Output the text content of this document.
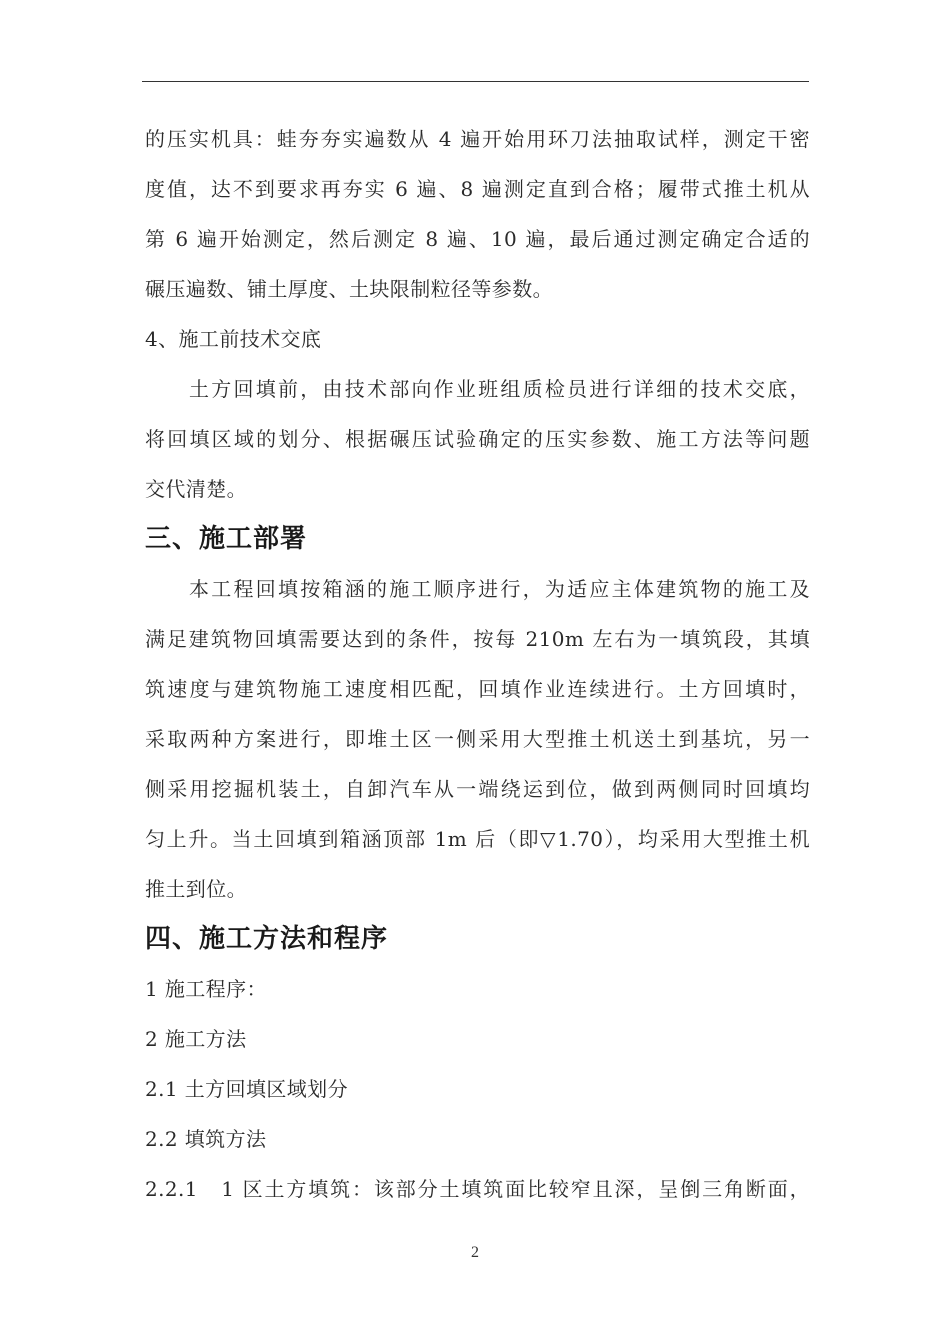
的压实机具：蛙夯夯实遍数从 4 遍开始用环刀法抽取试样，测定干密
度值，达不到要求再夯实 6 遍、8 遍测定直到合格；履带式推土机从
第 6 遍开始测定，然后测定 8 遍、10 遍，最后通过测定确定合适的
碾压遍数、铺土厚度、土块限制粒径等参数。
4、施工前技术交底
土方回填前，由技术部向作业班组质检员进行详细的技术交底，
将回填区域的划分、根据碾压试验确定的压实参数、施工方法等问题
交代清楚。
三、施工部署
本工程回填按箱涵的施工顺序进行，为适应主体建筑物的施工及
满足建筑物回填需要达到的条件，按每 210m 左右为一填筑段，其填
筑速度与建筑物施工速度相匹配，回填作业连续进行。土方回填时，
采取两种方案进行，即堆土区一侧采用大型推土机送土到基坑，另一
侧采用挖掘机装土，自卸汽车从一端绕运到位，做到两侧同时回填均
匀上升。当土回填到箱涵顶部 1m 后（即▽1.70），均采用大型推土机
推土到位。
四、施工方法和程序
1 施工程序：
2 施工方法
2.1 土方回填区域划分
2.2 填筑方法
2.2.1　1 区土方填筑：该部分土填筑面比较窄且深，呈倒三角断面，
2
